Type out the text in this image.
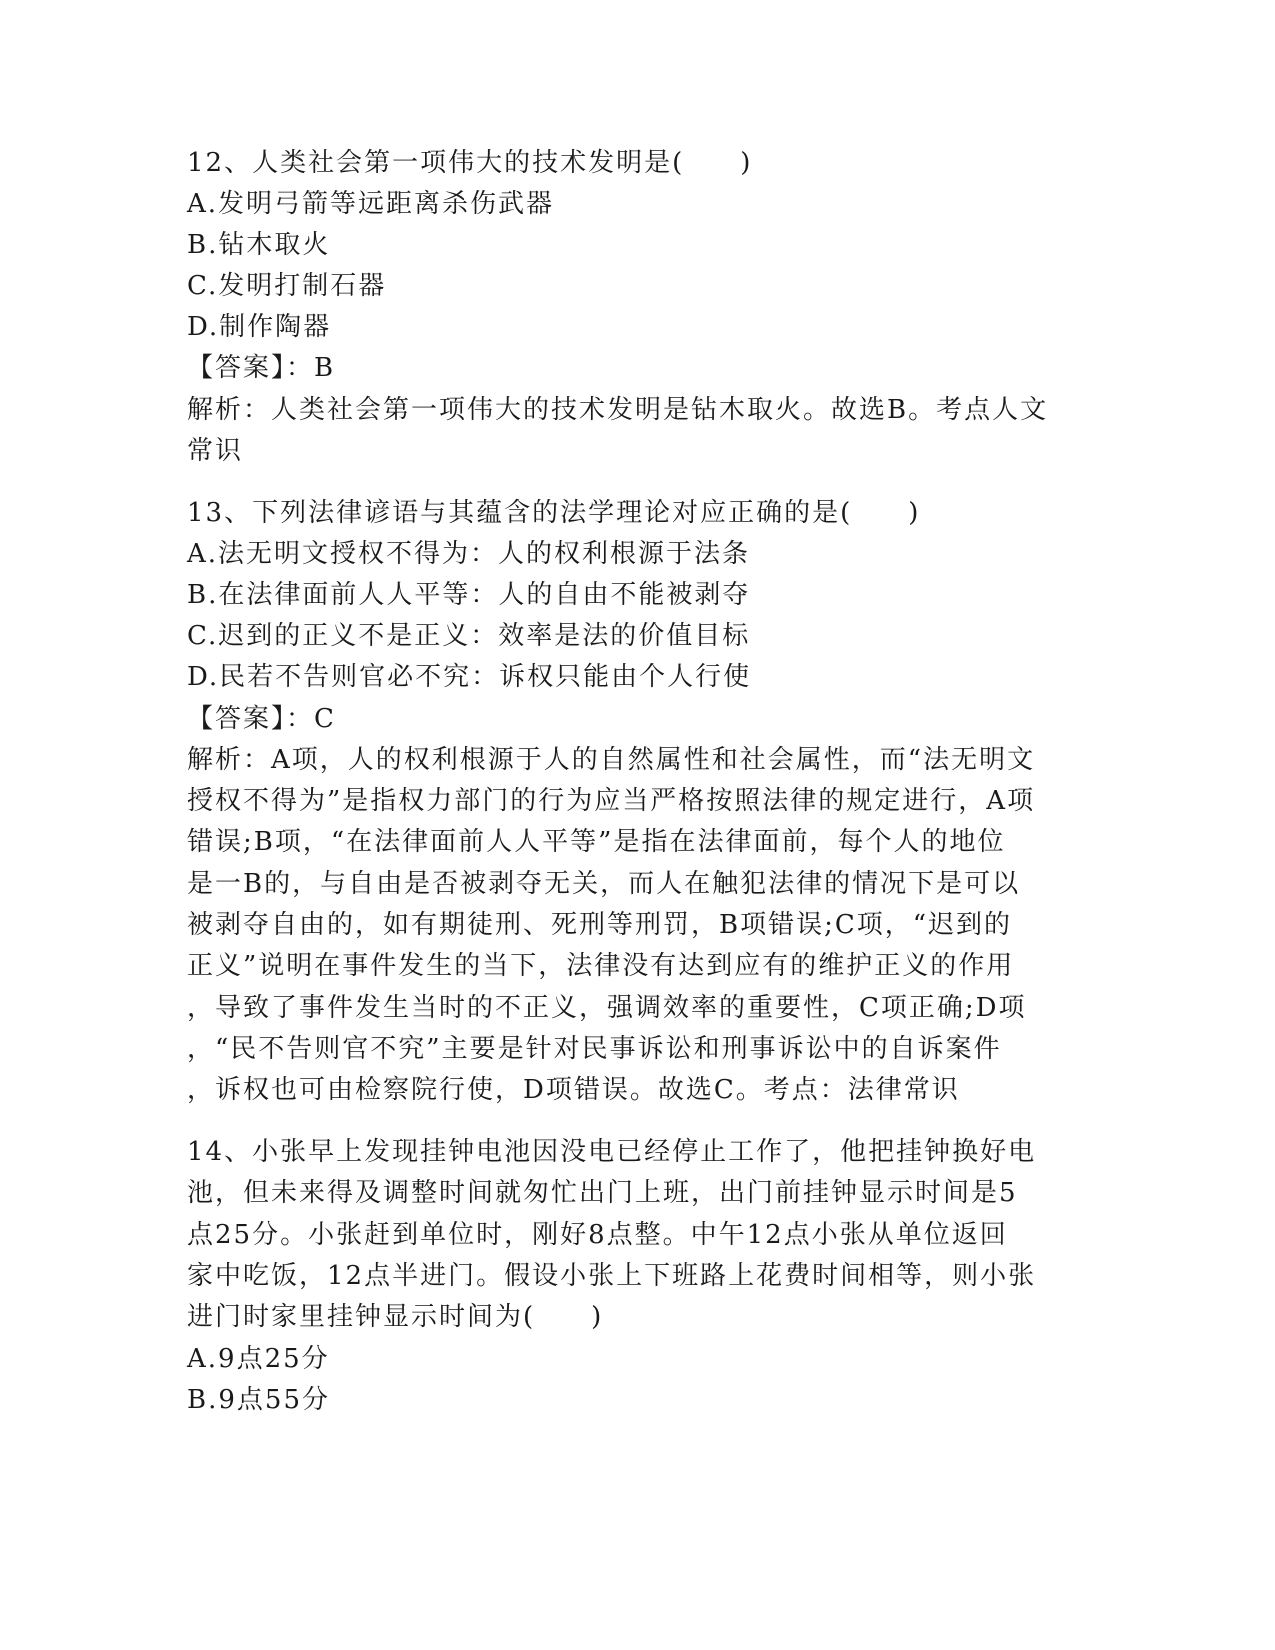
12、人类社会第一项伟大的技术发明是(　　)
A.发明弓箭等远距离杀伤武器
B.钻木取火
C.发明打制石器
D.制作陶器
【答案】：B
解析：人类社会第一项伟大的技术发明是钻木取火。故选B。考点人文
常识
13、下列法律谚语与其蕴含的法学理论对应正确的是(　　)
A.法无明文授权不得为：人的权利根源于法条
B.在法律面前人人平等：人的自由不能被剥夺
C.迟到的正义不是正义：效率是法的价值目标
D.民若不告则官必不究：诉权只能由个人行使
【答案】：C
解析：A项，人的权利根源于人的自然属性和社会属性，而“法无明文
授权不得为”是指权力部门的行为应当严格按照法律的规定进行，A项
错误;B项，“在法律面前人人平等”是指在法律面前，每个人的地位
是一B的，与自由是否被剥夺无关，而人在触犯法律的情况下是可以
被剥夺自由的，如有期徒刑、死刑等刑罚，B项错误;C项，“迟到的
正义”说明在事件发生的当下，法律没有达到应有的维护正义的作用
，导致了事件发生当时的不正义，强调效率的重要性，C项正确;D项
，“民不告则官不究”主要是针对民事诉讼和刑事诉讼中的自诉案件
，诉权也可由检察院行使，D项错误。故选C。考点：法律常识
14、小张早上发现挂钟电池因没电已经停止工作了，他把挂钟换好电
池，但未来得及调整时间就匆忙出门上班，出门前挂钟显示时间是5
点25分。小张赶到单位时，刚好8点整。中午12点小张从单位返回
家中吃饭，12点半进门。假设小张上下班路上花费时间相等，则小张
进门时家里挂钟显示时间为(　　)
A.9点25分
B.9点55分
